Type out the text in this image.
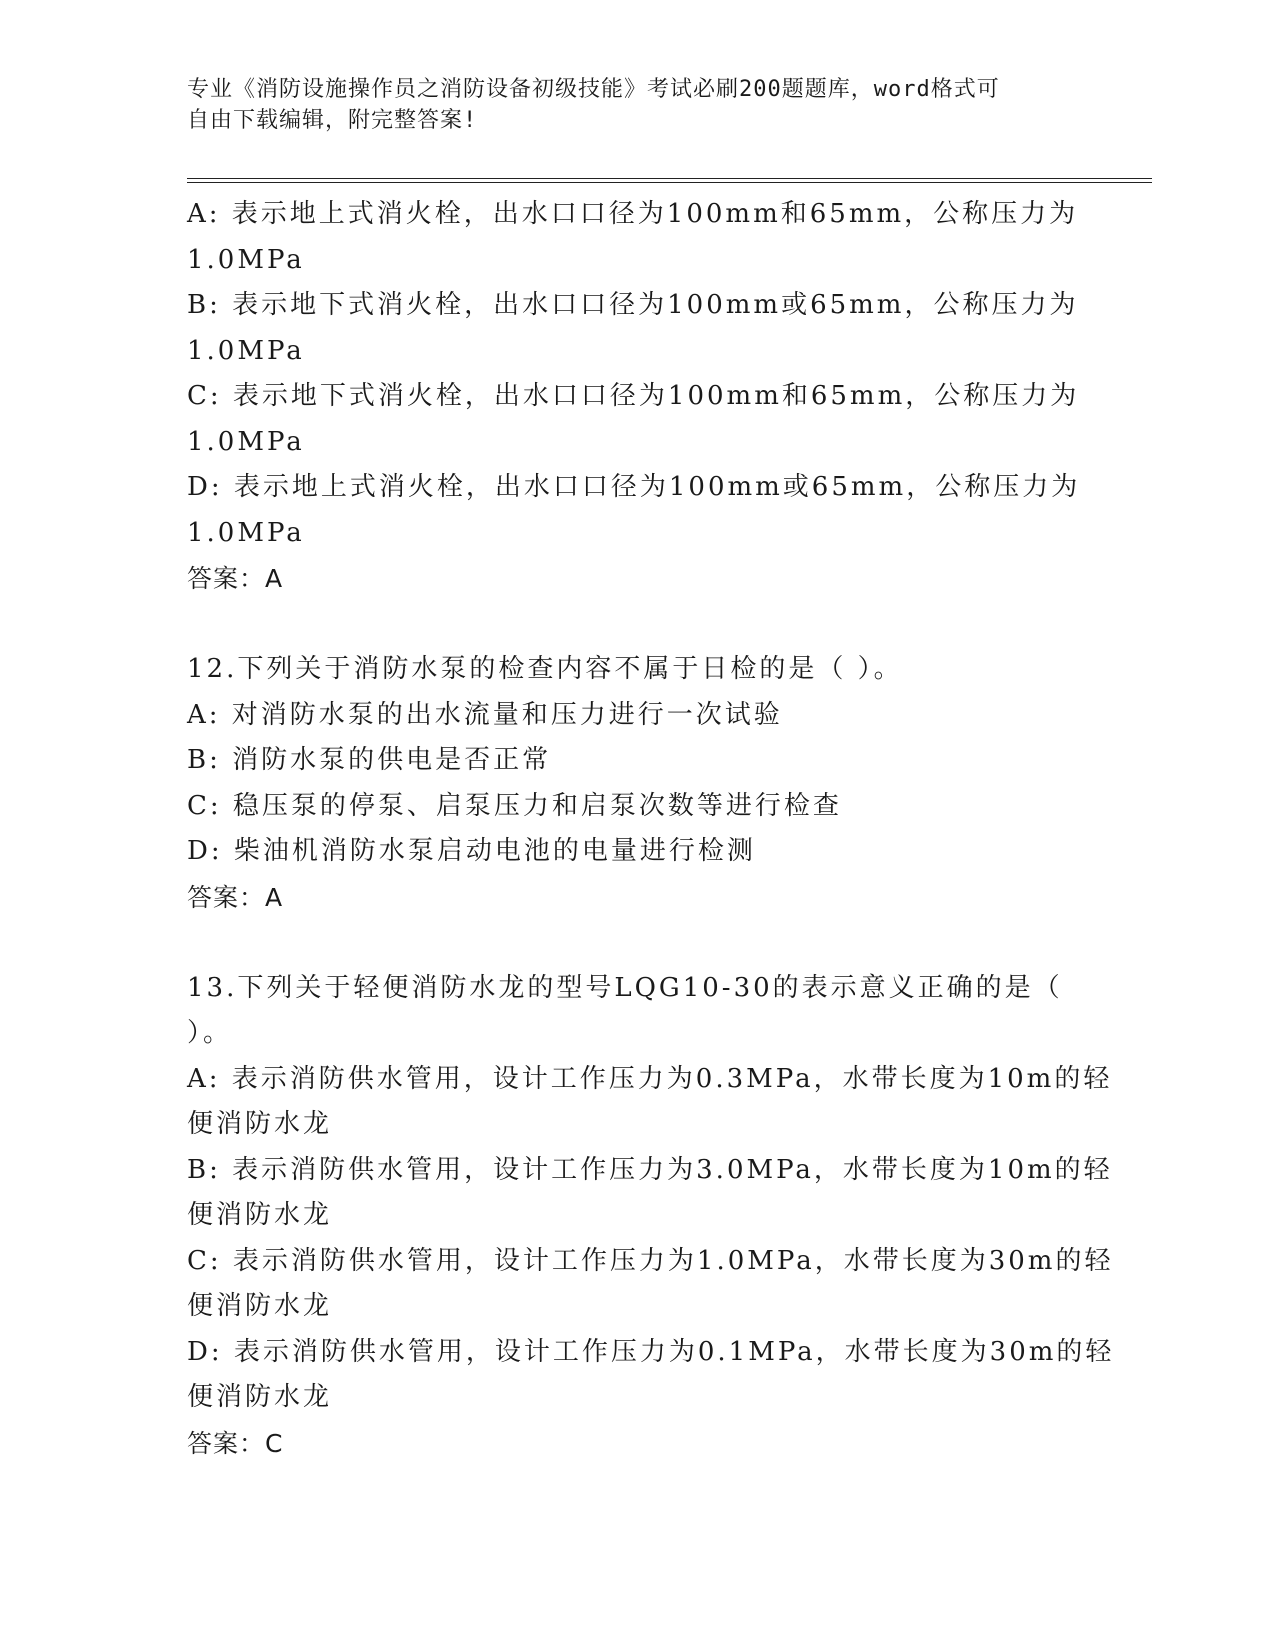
专业《消防设施操作员之消防设备初级技能》考试必刷200题题库，word格式可
自由下载编辑，附完整答案!
A: 表示地上式消火栓，出水口口径为100mm和65mm，公称压力为
1.0MPa
B: 表示地下式消火栓，出水口口径为100mm或65mm，公称压力为
1.0MPa
C: 表示地下式消火栓，出水口口径为100mm和65mm，公称压力为
1.0MPa
D: 表示地上式消火栓，出水口口径为100mm或65mm，公称压力为
1.0MPa
答案：A
12.下列关于消防水泵的检查内容不属于日检的是（ ）。
A: 对消防水泵的出水流量和压力进行一次试验
B: 消防水泵的供电是否正常
C: 稳压泵的停泵、启泵压力和启泵次数等进行检查
D: 柴油机消防水泵启动电池的电量进行检测
答案：A
13.下列关于轻便消防水龙的型号LQG10-30的表示意义正确的是（
）。
A: 表示消防供水管用，设计工作压力为0.3MPa，水带长度为10m的轻
便消防水龙
B: 表示消防供水管用，设计工作压力为3.0MPa，水带长度为10m的轻
便消防水龙
C: 表示消防供水管用，设计工作压力为1.0MPa，水带长度为30m的轻
便消防水龙
D: 表示消防供水管用，设计工作压力为0.1MPa，水带长度为30m的轻
便消防水龙
答案：C
